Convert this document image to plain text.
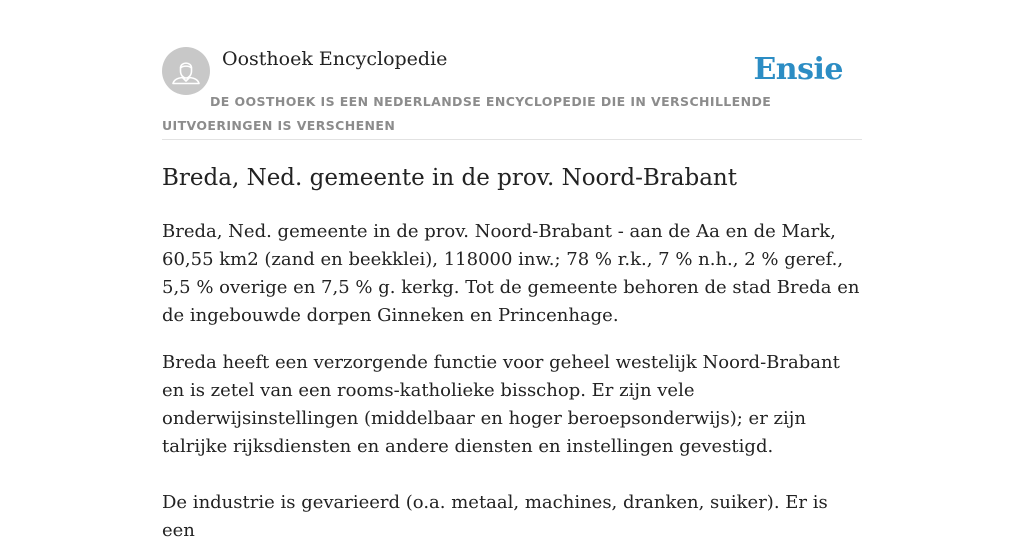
Oosthoek Encyclopedie	Ensie
DE OOSTHOEK IS EEN NEDERLANDSE ENCYCLOPEDIE DIE IN VERSCHILLENDE UITVOERINGEN IS VERSCHENEN
Breda, Ned. gemeente in de prov. Noord-Brabant

Breda, Ned. gemeente in de prov. Noord-Brabant - aan de Aa en de Mark, 60,55 km2 (zand en beekklei), 118000 inw.; 78 % r.k., 7 % n.h., 2 % geref., 5,5 % overige en 7,5 % g. kerkg. Tot de gemeente behoren de stad Breda en de ingebouwde dorpen Ginneken en Princenhage.

Breda heeft een verzorgende functie voor geheel westelijk Noord-Brabant en is zetel van een rooms-katholieke bisschop. Er zijn vele onderwijsinstellingen (middelbaar en hoger beroepsonderwijs); er zijn talrijke rijksdiensten en andere diensten en instellingen gevestigd.

De industrie is gevarieerd (o.a. metaal, machines, dranken, suiker). Er is een
